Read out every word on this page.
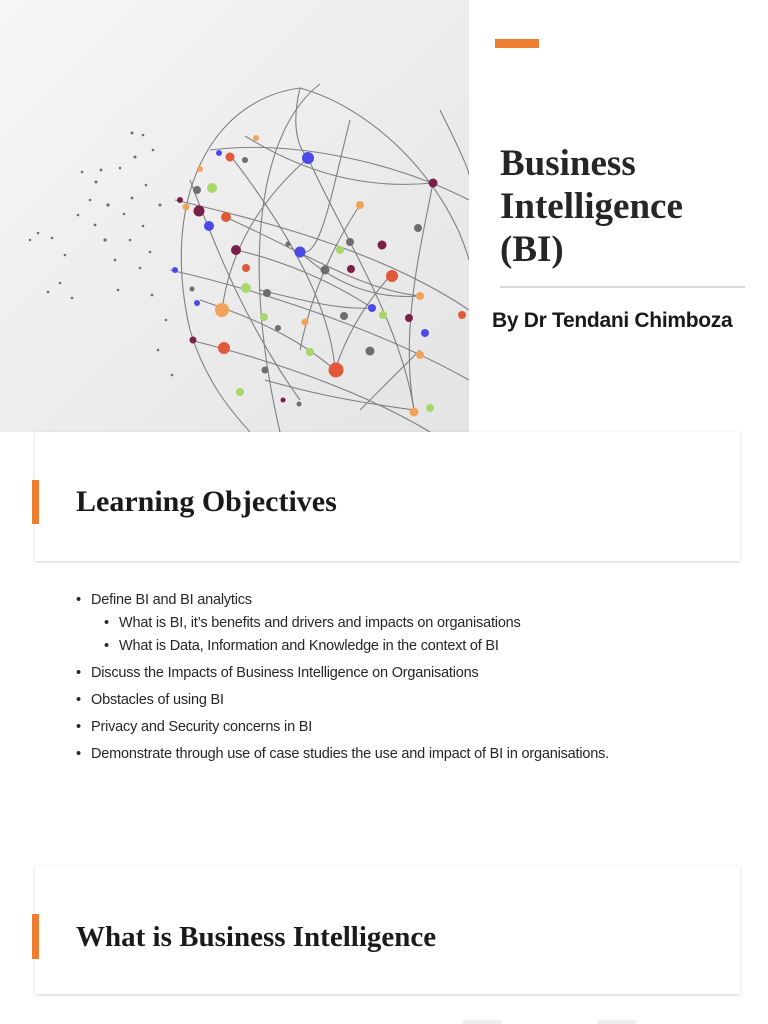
Business
Intelligence
(BI)
By Dr Tendani Chimboza
Learning Objectives
• Define BI and BI analytics
• What is BI, it’s benefits and drivers and impacts on organisations
• What is Data, Information and Knowledge in the context of BI
• Discuss the Impacts of Business Intelligence on Organisations
• Obstacles of using BI
• Privacy and Security concerns in BI
• Demonstrate through use of case studies the use and impact of BI in organisations.
What is Business Intelligence
